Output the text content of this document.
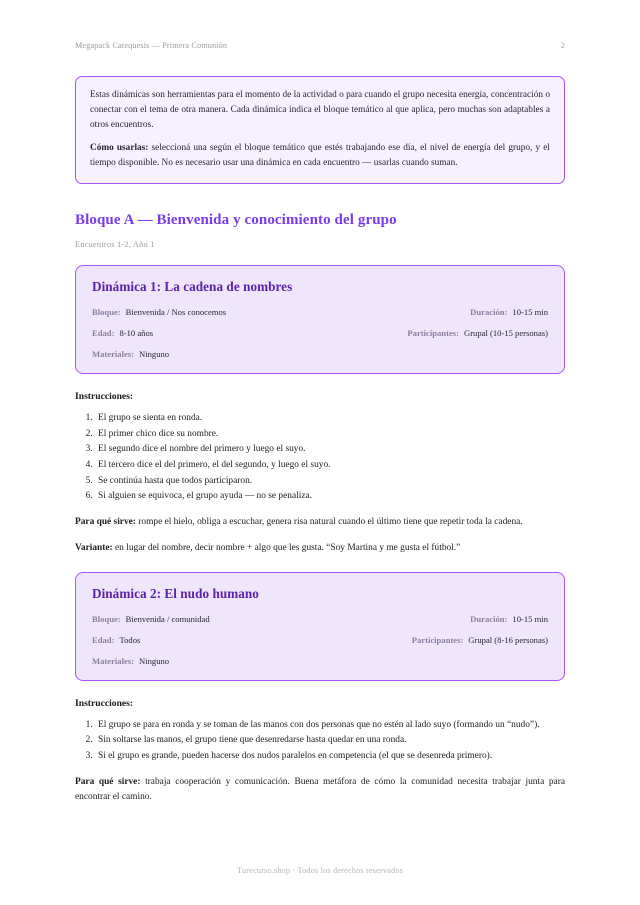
Megapack Catequesis — Primera Comunión	2

Estas dinámicas son herramientas para el momento de la actividad o para cuando el grupo necesita energía, concentración o conectar con el tema de otra manera. Cada dinámica indica el bloque temático al que aplica, pero muchas son adaptables a otros encuentros.

Cómo usarlas: seleccioná una según el bloque temático que estés trabajando ese día, el nivel de energía del grupo, y el tiempo disponible. No es necesario usar una dinámica en cada encuentro — usarlas cuando suman.

Bloque A — Bienvenida y conocimiento del grupo
Encuentros 1-2, Año 1
Dinámica 1: La cadena de nombres
Bloque: Bienvenida / Nos conocemos	Duración: 10-15 min
Edad: 8-10 años	Participantes: Grupal (10-15 personas)
Materiales: Ninguno
Instrucciones:
1. El grupo se sienta en ronda.
2. El primer chico dice su nombre.
3. El segundo dice el nombre del primero y luego el suyo.
4. El tercero dice el del primero, el del segundo, y luego el suyo.
5. Se continúa hasta que todos participaron.
6. Si alguien se equivoca, el grupo ayuda — no se penaliza.

Para qué sirve: rompe el hielo, obliga a escuchar, genera risa natural cuando el último tiene que repetir toda la cadena.

Variante: en lugar del nombre, decir nombre + algo que les gusta. “Soy Martina y me gusta el fútbol.”

Dinámica 2: El nudo humano
Bloque: Bienvenida / comunidad	Duración: 10-15 min
Edad: Todos	Participantes: Grupal (8-16 personas)
Materiales: Ninguno
Instrucciones:
1. El grupo se para en ronda y se toman de las manos con dos personas que no estén al lado suyo (formando un “nudo”).
2. Sin soltarse las manos, el grupo tiene que desenredarse hasta quedar en una ronda.
3. Si el grupo es grande, pueden hacerse dos nudos paralelos en competencia (el que se desenreda primero).

Para qué sirve: trabaja cooperación y comunicación. Buena metáfora de cómo la comunidad necesita trabajar junta para encontrar el camino.

Turecurso.shop · Todos los derechos reservados
